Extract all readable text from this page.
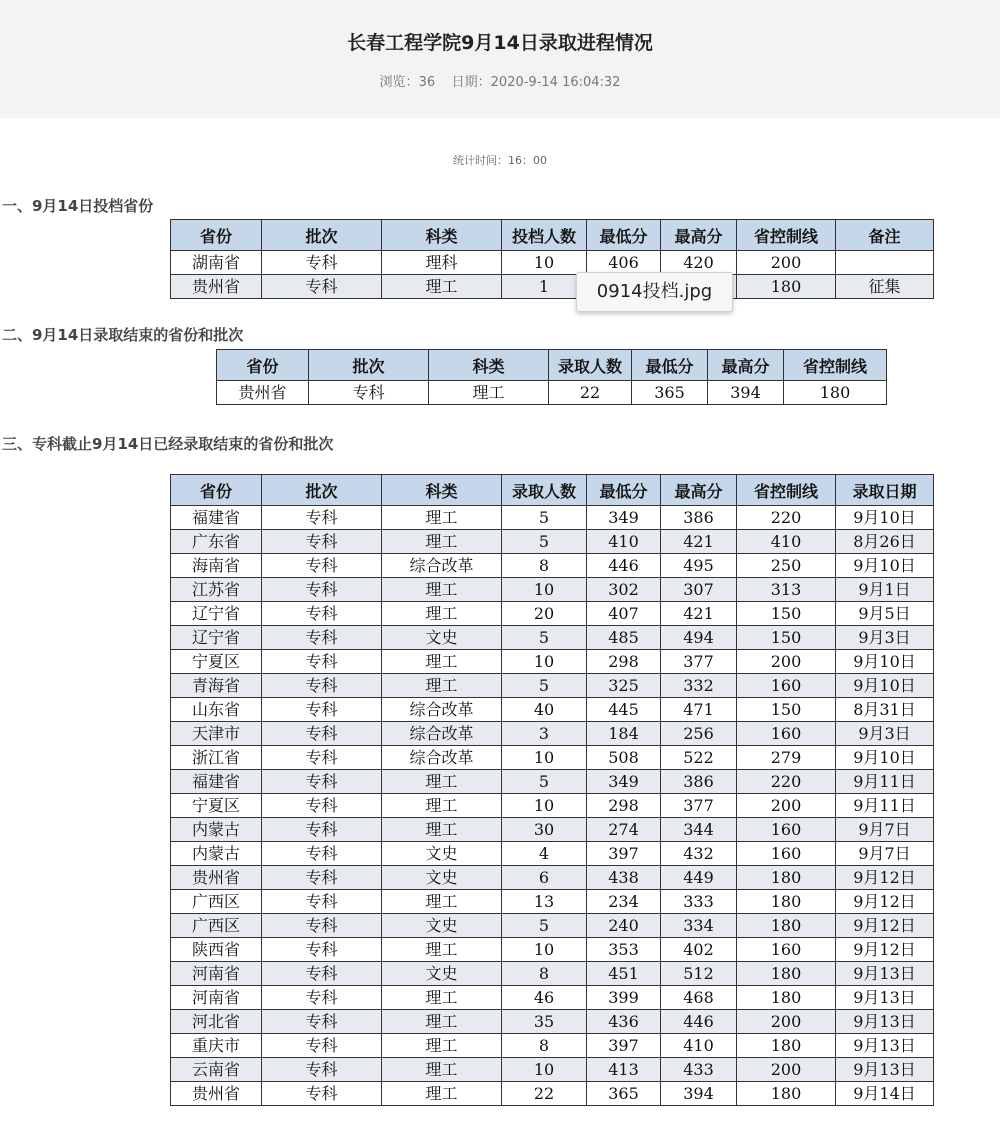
长春工程学院9月14日录取进程情况
浏览：36 日期：2020-9-14 16:04:32
统计时间：16：00
一、9月14日投档省份
省份	批次	科类	投档人数	最低分	最高分	省控制线	备注
湖南省	专科	理科	10	406	420	200	
贵州省	专科	理工	1			180	征集
二、9月14日录取结束的省份和批次
省份	批次	科类	录取人数	最低分	最高分	省控制线
贵州省	专科	理工	22	365	394	180
三、专科截止9月14日已经录取结束的省份和批次
省份	批次	科类	录取人数	最低分	最高分	省控制线	录取日期
福建省	专科	理工	5	349	386	220	9月10日
广东省	专科	理工	5	410	421	410	8月26日
海南省	专科	综合改革	8	446	495	250	9月10日
江苏省	专科	理工	10	302	307	313	9月1日
辽宁省	专科	理工	20	407	421	150	9月5日
辽宁省	专科	文史	5	485	494	150	9月3日
宁夏区	专科	理工	10	298	377	200	9月10日
青海省	专科	理工	5	325	332	160	9月10日
山东省	专科	综合改革	40	445	471	150	8月31日
天津市	专科	综合改革	3	184	256	160	9月3日
浙江省	专科	综合改革	10	508	522	279	9月10日
福建省	专科	理工	5	349	386	220	9月11日
宁夏区	专科	理工	10	298	377	200	9月11日
内蒙古	专科	理工	30	274	344	160	9月7日
内蒙古	专科	文史	4	397	432	160	9月7日
贵州省	专科	文史	6	438	449	180	9月12日
广西区	专科	理工	13	234	333	180	9月12日
广西区	专科	文史	5	240	334	180	9月12日
陕西省	专科	理工	10	353	402	160	9月12日
河南省	专科	文史	8	451	512	180	9月13日
河南省	专科	理工	46	399	468	180	9月13日
河北省	专科	理工	35	436	446	200	9月13日
重庆市	专科	理工	8	397	410	180	9月13日
云南省	专科	理工	10	413	433	200	9月13日
贵州省	专科	理工	22	365	394	180	9月14日
0914投档.jpg
